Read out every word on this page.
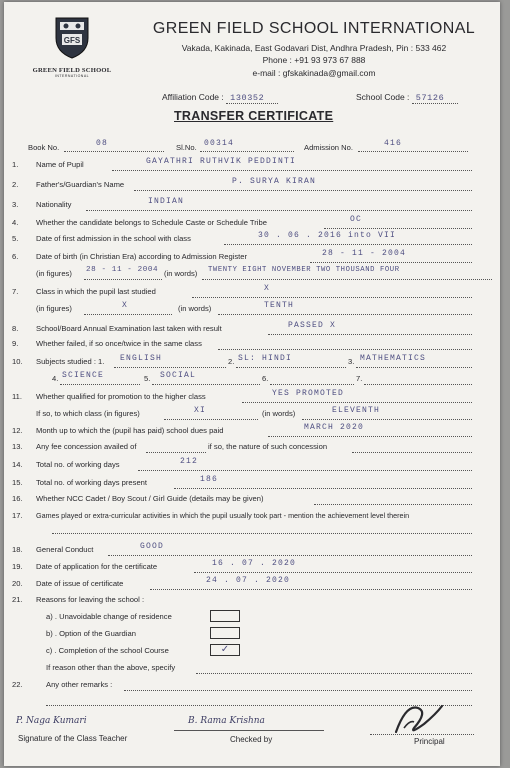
GFS
GREEN FIELD SCHOOL
INTERNATIONAL
GREEN FIELD SCHOOL INTERNATIONAL
Vakada, Kakinada, East Godavari Dist, Andhra Pradesh, Pin : 533 462
Phone : +91 93 973 67 888
e-mail : gfskakinada@gmail.com
Affiliation Code : 130352	School Code : 57126
TRANSFER CERTIFICATE
Book No.	08	Sl.No. 00314	Admission No.	416
1. Name of Pupil	GAYATHRI RUTHVIK PEDDINTI
2. Father's/Guardian's Name	P. SURYA KIRAN
3. Nationality	INDIAN
4. Whether the candidate belongs to Schedule Caste or Schedule Tribe	OC
5. Date of first admission in the school with class	30 . 06 . 2016 into VII
6. Date of birth (in Christian Era) according to Admission Register	28 - 11 - 2004
(in figures) 28 - 11 - 2004 (in words) TWENTY EIGHT NOVEMBER TWO THOUSAND FOUR
7. Class in which the pupil last studied	X
(in figures)	X	(in words)	TENTH
8. School/Board Annual Examination last taken with result	PASSED X
9. Whether failed, if so once/twice in the same class
10. Subjects studied : 1. ENGLISH	2. SL: HINDI	3. MATHEMATICS
4. SCIENCE	5. SOCIAL	6.	7.
11. Whether qualified for promotion to the higher class	YES PROMOTED
If so, to which class (in figures)	XI	(in words)	ELEVENTH
12. Month up to which the (pupil has paid) school dues paid	MARCH 2020
13. Any fee concession availed of	if so, the nature of such concession
14. Total no. of working days	212
15. Total no. of working days present	186
16. Whether NCC Cadet / Boy Scout / Girl Guide (details may be given)
17. Games played or extra-curricular activities in which the pupil usually took part - mention the achievement level therein
18. General Conduct	GOOD
19. Date of application for the certificate	16 . 07 . 2020
20. Date of issue of certificate	24 . 07 . 2020
21. Reasons for leaving the school :
a) . Unavoidable change of residence
b) . Option of the Guardian
c) . Completion of the school Course	✓
If reason other than the above, specify
22.	Any other remarks :
P. Naga Kumari
Signature of the Class Teacher
B. Rama Krishna
Checked by	Principal
